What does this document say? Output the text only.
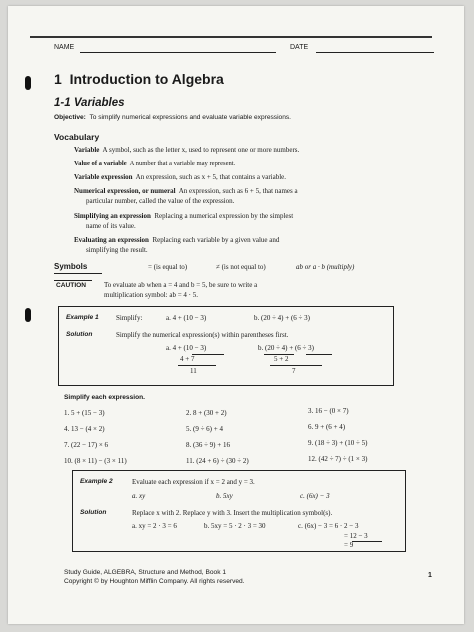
NAME	DATE
1 Introduction to Algebra
1-1 Variables
Objective: To simplify numerical expressions and evaluate variable expressions.
Vocabulary
Variable A symbol, such as the letter x, used to represent one or more numbers.
Value of a variable A number that a variable may represent.
Variable expression An expression, such as x + 5, that contains a variable.
Numerical expression, or numeral An expression, such as 6 + 5, that names a
particular number, called the value of the expression.
Simplifying an expression Replacing a numerical expression by the simplest
name of its value.
Evaluating an expression Replacing each variable by a given value and
simplifying the result.
Symbols	= (is equal to)	≠ (is not equal to)	ab or a · b (multiply)
CAUTION	To evaluate ab when a = 4 and b = 5, be sure to write a
multiplication symbol: ab = 4 · 5.
Example 1 Simplify:	a. 4 + (10 − 3)	b. (20 ÷ 4) + (6 ÷ 3)
Solution	Simplify the numerical expression(s) within parentheses first.
a. 4 + (10 − 3)
4 + 7
11
b. (20 ÷ 4) + (6 ÷ 3)
5 + 2
7
Simplify each expression.
1. 5 + (15 − 3)	2. 8 + (30 + 2)	3. 16 − (0 × 7)
4. 13 − (4 × 2)	5. (9 ÷ 6) + 4	6. 9 + (6 + 4)
7. (22 − 17) × 6	8. (36 ÷ 9) + 16	9. (18 ÷ 3) + (10 ÷ 5)
10. (8 × 11) − (3 × 11)	11. (24 + 6) ÷ (30 ÷ 2)	12. (42 ÷ 7) ÷ (1 × 3)
Example 2	Evaluate each expression if x = 2 and y = 3.
a. xy	b. 5xy	c. (6x) − 3
Solution	Replace x with 2. Replace y with 3. Insert the multiplication symbol(s).
a. xy = 2 · 3 = 6	b. 5xy = 5 · 2 · 3 = 30	c. (6x) − 3 = 6 · 2 − 3
= 12 − 3
= 9
Study Guide, ALGEBRA, Structure and Method, Book 1
Copyright © by Houghton Mifflin Company. All rights reserved.
1
